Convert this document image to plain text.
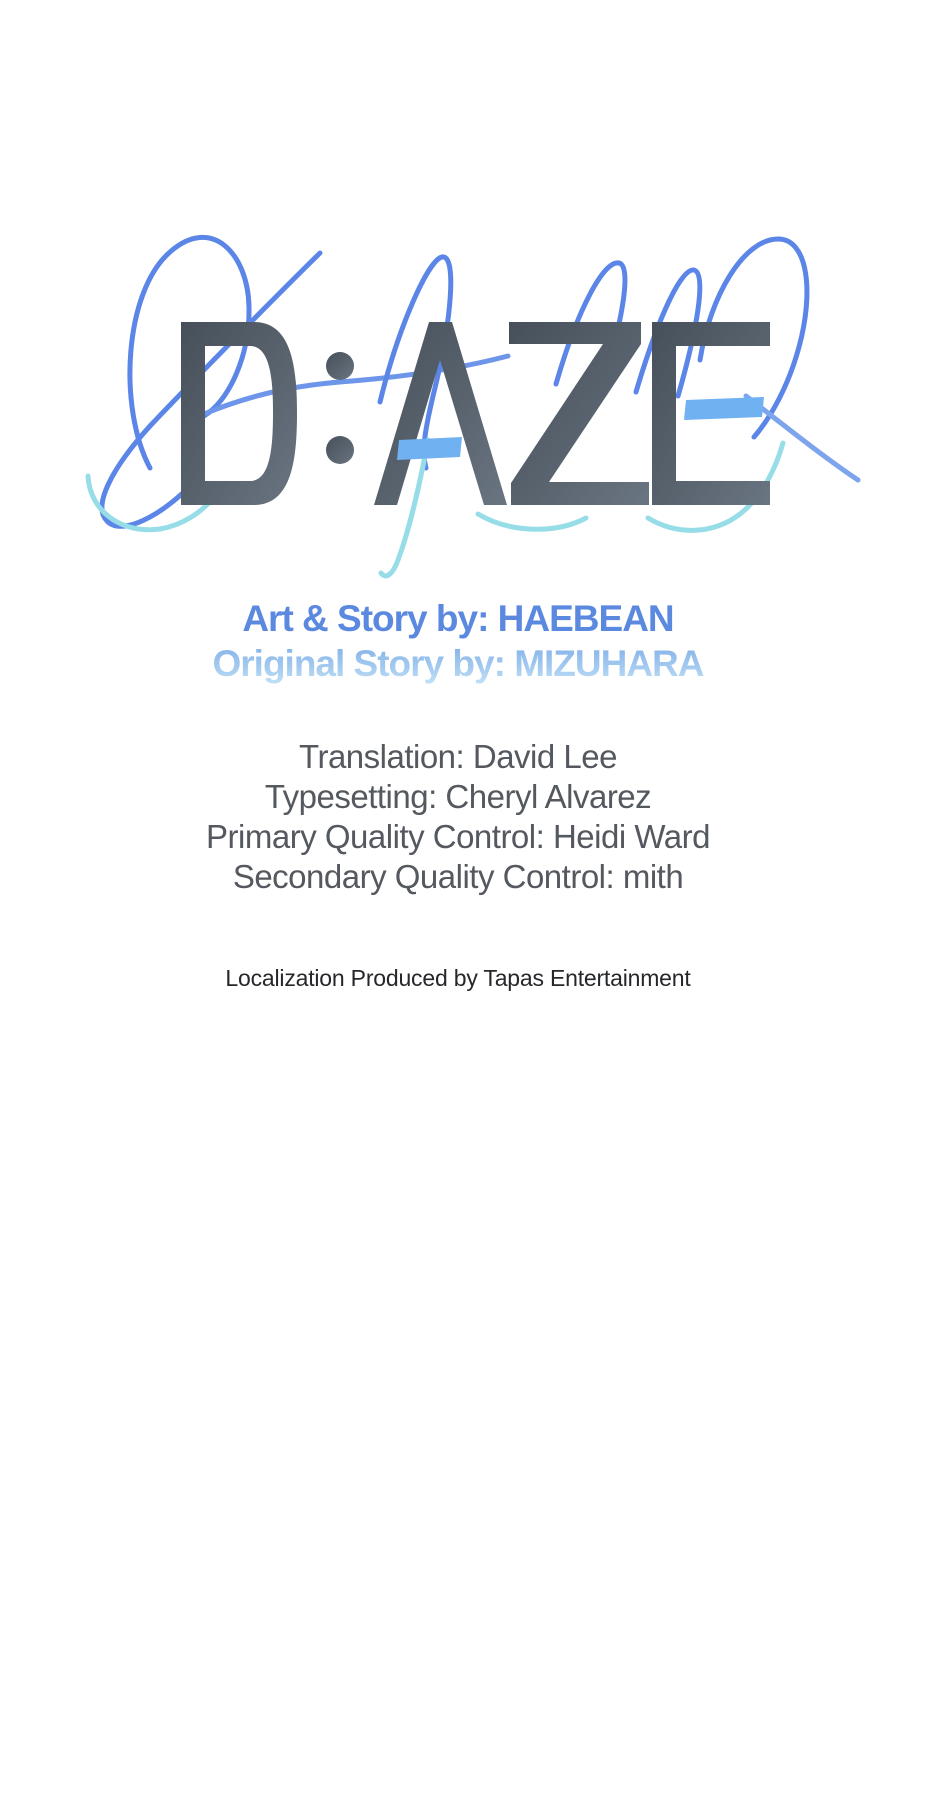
Art & Story by: HAEBEAN
Original Story by: MIZUHARA
Translation: David Lee
Typesetting: Cheryl Alvarez
Primary Quality Control: Heidi Ward
Secondary Quality Control: mith
Localization Produced by Tapas Entertainment
